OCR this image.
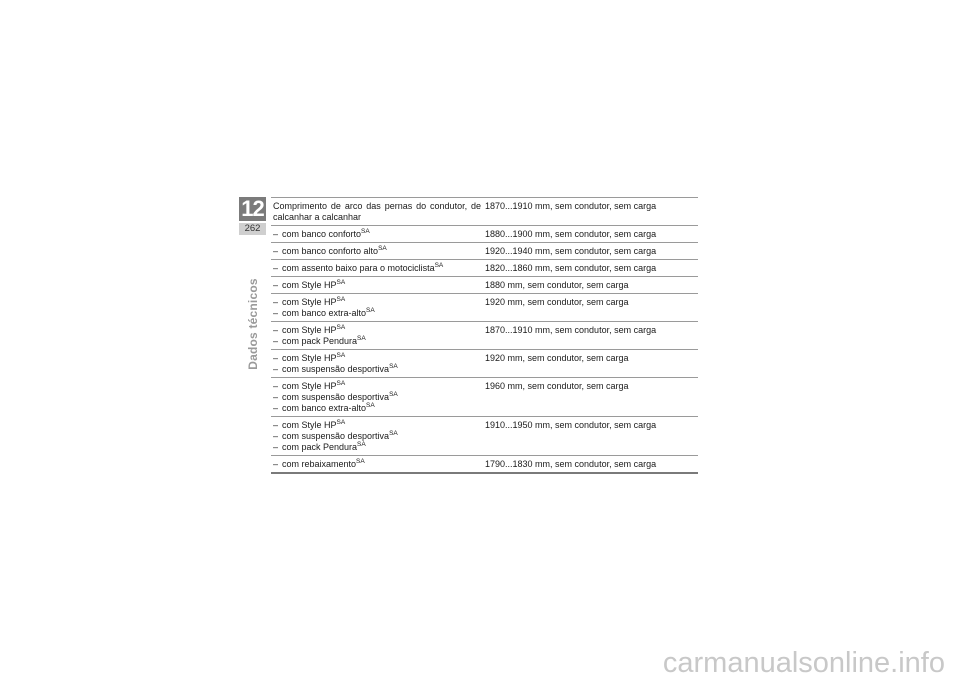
12
262
Dados técnicos
Comprimento de arco das pernas do condutor, de calcanhar a calcanhar	1870...1910 mm, sem condutor, sem carga

– com banco conforto$^{SA}$	1880...1900 mm, sem condutor, sem carga

– com banco conforto alto$^{SA}$	1920...1940 mm, sem condutor, sem carga

– com assento baixo para o motociclista$^{SA}$	1820...1860 mm, sem condutor, sem carga

– com Style $HP^{SA}$	1880 mm, sem condutor, sem carga

– com Style $HP^{SA}$
– com banco extra-alto$^{SA}$	1920 mm, sem condutor, sem carga

– com Style $HP^{SA}$
– com pack Pendura$^{SA}$	1870...1910 mm, sem condutor, sem carga

– com Style $HP^{SA}$
– com suspensão desportiva$^{SA}$	1920 mm, sem condutor, sem carga

– com Style $HP^{SA}$
– com suspensão desportiva$^{SA}$
– com banco extra-alto$^{SA}$	1960 mm, sem condutor, sem carga

– com Style $HP^{SA}$
– com suspensão desportiva$^{SA}$
– com pack Pendura$^{SA}$	1910...1950 mm, sem condutor, sem carga

– com rebaixamento$^{SA}$	1790...1830 mm, sem condutor, sem carga
carmanualsonline.info
